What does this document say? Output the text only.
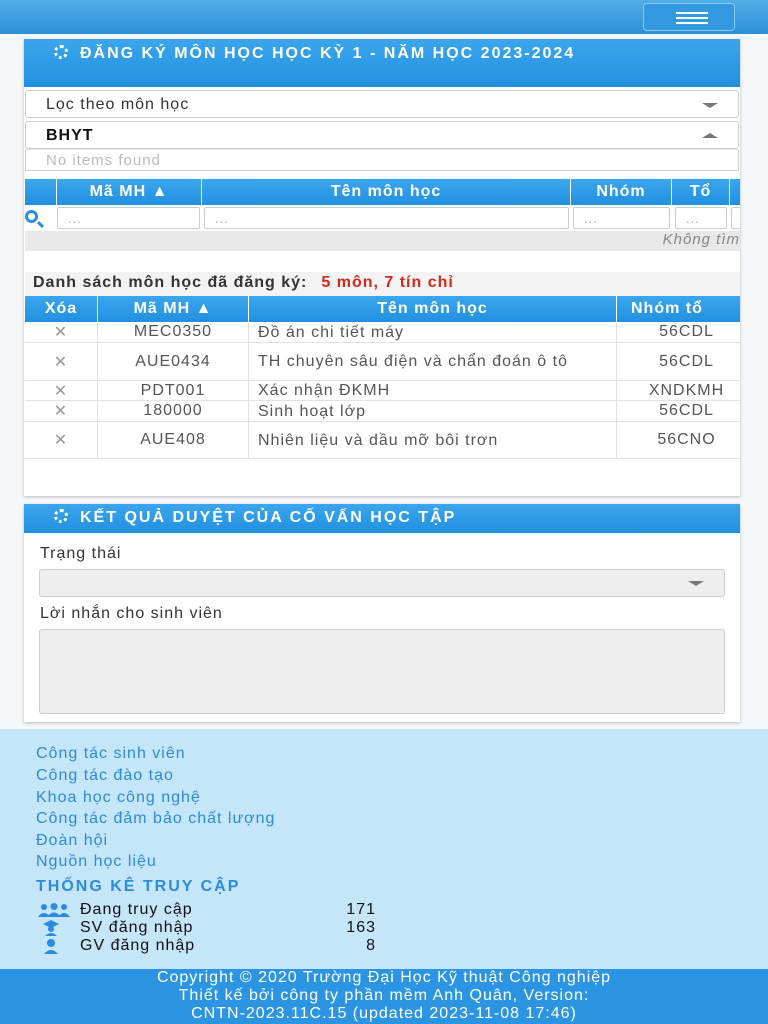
ĐĂNG KÝ MÔN HỌC HỌC KỲ 1 - NĂM HỌC 2023-2024
Lọc theo môn học
BHYT
No items found
Mã MH ▲	Tên môn học	Nhóm	Tổ
...	...	...	...
Không tìm
Danh sách môn học đã đăng ký: 5 môn, 7 tín chỉ
Xóa	Mã MH ▲	Tên môn học	Nhóm tổ
✕	MEC0350	Đồ án chi tiết máy	56CDL
✕	AUE0434	TH chuyên sâu điện và chẩn đoán ô tô	56CDL
✕	PDT001	Xác nhận ĐKMH	XNDKMH
✕	180000	Sinh hoạt lớp	56CDL
✕	AUE408	Nhiên liệu và dầu mỡ bôi trơn	56CNO
KẾT QUẢ DUYỆT CỦA CỐ VẤN HỌC TẬP
Trạng thái
Lời nhắn cho sinh viên
Công tác sinh viên
Công tác đào tạo
Khoa học công nghệ
Công tác đảm bảo chất lượng
Đoàn hội
Nguồn học liệu
THỐNG KÊ TRUY CẬP
Đang truy cập	171
SV đăng nhập	163
GV đăng nhập	8
Copyright © 2020 Trường Đại Học Kỹ thuật Công nghiệp
Thiết kế bởi công ty phần mềm Anh Quân, Version:
CNTN-2023.11C.15 (updated 2023-11-08 17:46)
